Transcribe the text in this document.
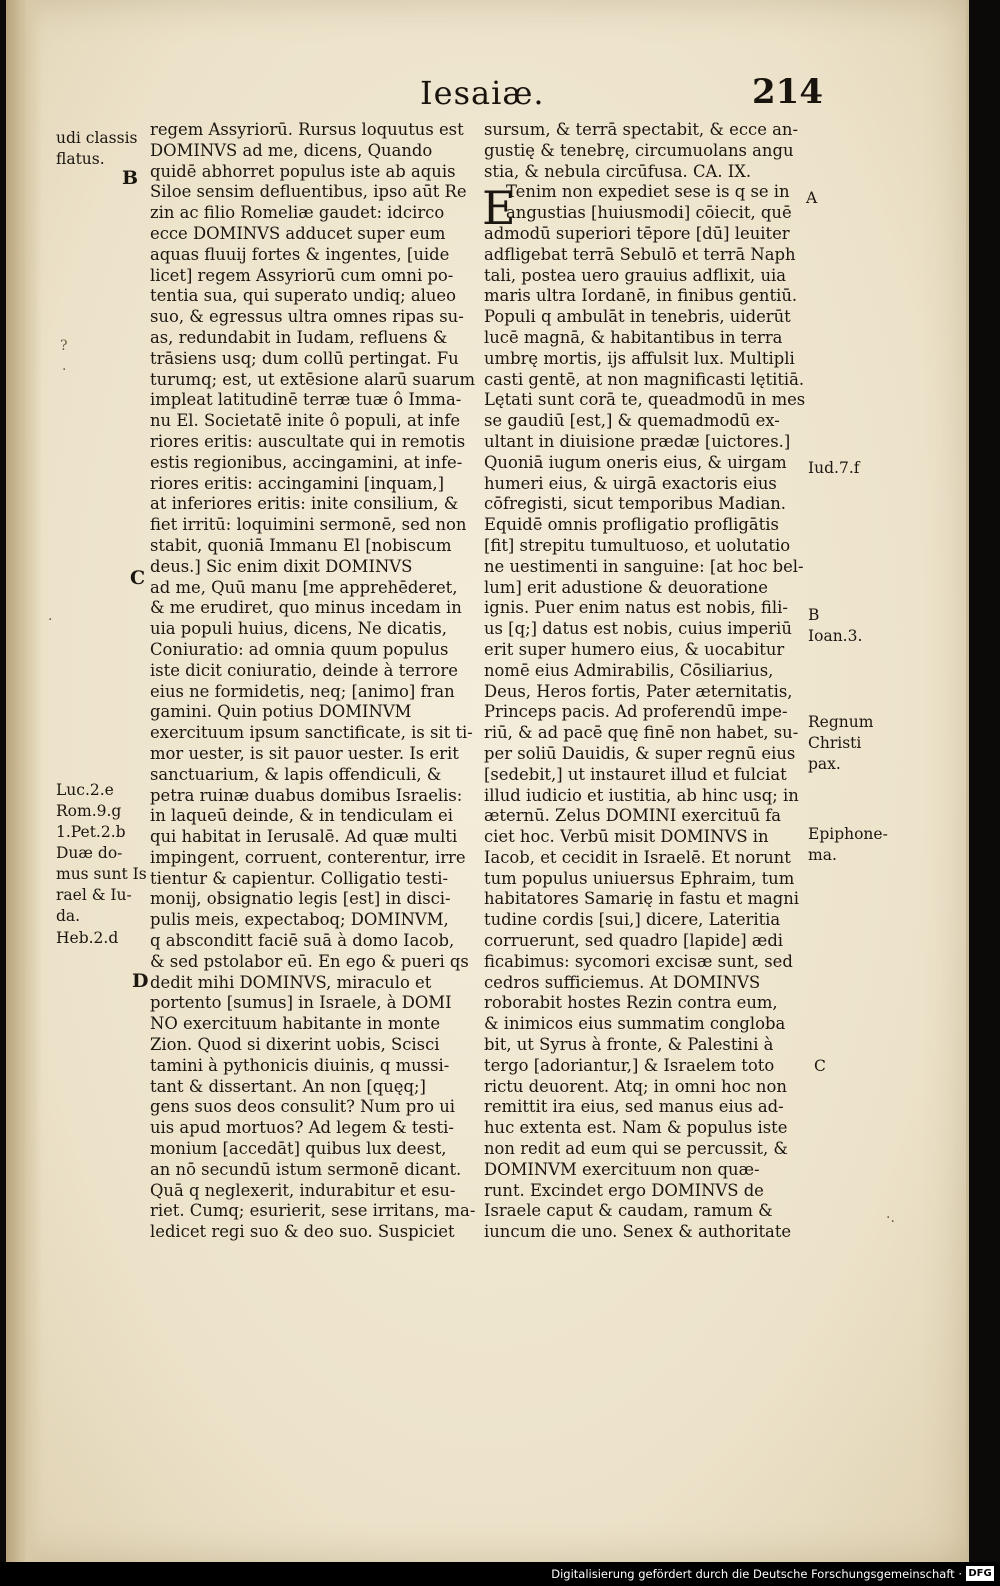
Iesaiæ.	214
udi classis
flatus.
Luc.2.e
Rom.9.g
1.Pet.2.b
Duæ do-
mus sunt Is
rael & Iu-
da.
Heb.2.d
B
C
D
A
Iud.7.f
B
Ioan.3.
Regnum
Christi
pax.
Epiphone-
ma.
C
regem Assyriorū. Rursus loquutus est
DOMINVS ad me, dicens, Quando
quidē abhorret populus iste ab aquis
Siloe sensim defluentibus, ipso aūt Re
zin ac filio Romeliæ gaudet: idcirco
ecce DOMINVS adducet super eum
aquas fluuij fortes & ingentes, [uide
licet] regem Assyriorū cum omni po-
tentia sua, qui superato undiq; alueo
suo, & egressus ultra omnes ripas su-
as, redundabit in Iudam, refluens &
trāsiens usq; dum collū pertingat. Fu
turumq; est, ut extēsione alarū suarum
impleat latitudinē terræ tuæ ô Imma-
nu El. Societatē inite ô populi, at infe
riores eritis: auscultate qui in remotis
estis regionibus, accingamini, at infe-
riores eritis: accingamini [inquam,]
at inferiores eritis: inite consilium, &
fiet irritū: loquimini sermonē, sed non
stabit, quoniā Immanu El [nobiscum
deus.] Sic enim dixit DOMINVS
ad me, Quū manu [me apprehēderet,
& me erudiret, quo minus incedam in
uia populi huius, dicens, Ne dicatis,
Coniuratio: ad omnia quum populus
iste dicit coniuratio, deinde à terrore
eius ne formidetis, neq; [animo] fran
gamini. Quin potius DOMINVM
exercituum ipsum sanctificate, is sit ti-
mor uester, is sit pauor uester. Is erit
sanctuarium, & lapis offendiculi, &
petra ruinæ duabus domibus Israelis:
in laqueū deinde, & in tendiculam ei
qui habitat in Ierusalē. Ad quæ multi
impingent, corruent, conterentur, irre
tientur & capientur. Colligatio testi-
monij, obsignatio legis [est] in disci-
pulis meis, expectaboq; DOMINVM,
q absconditt faciē suā à domo Iacob,
& sed pstolabor eū. En ego & pueri qs
dedit mihi DOMINVS, miraculo et
portento [sumus] in Israele, à DOMI
NO exercituum habitante in monte
Zion. Quod si dixerint uobis, Scisci
tamini à pythonicis diuinis, q mussi-
tant & dissertant. An non [quęq;]
gens suos deos consulit? Num pro ui
uis apud mortuos? Ad legem & testi-
monium [accedāt] quibus lux deest,
an nō secundū istum sermonē dicant.
Quā q neglexerit, indurabitur et esu-
riet. Cumq; esurierit, sese irritans, ma-
ledicet regi suo & deo suo. Suspiciet
E
sursum, & terrā spectabit, & ecce an-
gustię & tenebrę, circumuolans angu
stia, & nebula circūfusa. CA. IX.
Tenim non expediet sese is q se in
angustias [huiusmodi] cōiecit, quē
admodū superiori tēpore [dū] leuiter
adfligebat terrā Sebulō et terrā Naph
tali, postea uero grauius adflixit, uia
maris ultra Iordanē, in finibus gentiū.
Populi q ambulāt in tenebris, uiderūt
lucē magnā, & habitantibus in terra
umbrę mortis, ijs affulsit lux. Multipli
casti gentē, at non magnificasti lętitiā.
Lętati sunt corā te, queadmodū in mes
se gaudiū [est,] & quemadmodū ex-
ultant in diuisione prædæ [uictores.]
Quoniā iugum oneris eius, & uirgam
humeri eius, & uirgā exactoris eius
cōfregisti, sicut temporibus Madian.
Equidē omnis profligatio profligātis
[fit] strepitu tumultuoso, et uolutatio
ne uestimenti in sanguine: [at hoc bel-
lum] erit adustione & deuoratione
ignis. Puer enim natus est nobis, fili-
us [q;] datus est nobis, cuius imperiū
erit super humero eius, & uocabitur
nomē eius Admirabilis, Cōsiliarius,
Deus, Heros fortis, Pater æternitatis,
Princeps pacis. Ad proferendū impe-
riū, & ad pacē quę finē non habet, su-
per soliū Dauidis, & super regnū eius
[sedebit,] ut instauret illud et fulciat
illud iudicio et iustitia, ab hinc usq; in
æternū. Zelus DOMINI exercituū fa
ciet hoc. Verbū misit DOMINVS in
Iacob, et cecidit in Israelē. Et norunt
tum populus uniuersus Ephraim, tum
habitatores Samarię in fastu et magni
tudine cordis [sui,] dicere, Lateritia
corruerunt, sed quadro [lapide] ædi
ficabimus: sycomori excisæ sunt, sed
cedros sufficiemus. At DOMINVS
roborabit hostes Rezin contra eum,
& inimicos eius summatim congloba
bit, ut Syrus à fronte, & Palestini à
tergo [adoriantur,] & Israelem toto
rictu deuorent. Atq; in omni hoc non
remittit ira eius, sed manus eius ad-
huc extenta est. Nam & populus iste
non redit ad eum qui se percussit, &
DOMINVM exercituum non quæ-
runt. Excindet ergo DOMINVS de
Israele caput & caudam, ramum &
iuncum die uno. Senex & authoritate
?
·
·
·.
Digitalisierung gefördert durch die Deutsche Forschungsgemeinschaft · DFG
